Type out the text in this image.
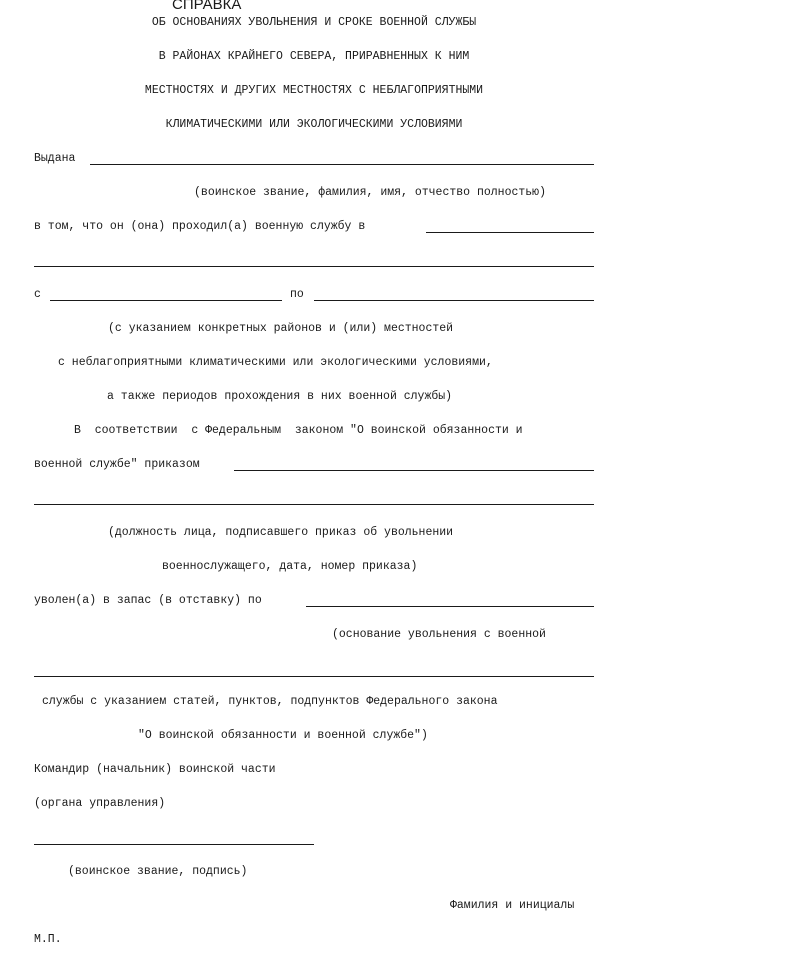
СПРАВКА
ОБ ОСНОВАНИЯХ УВОЛЬНЕНИЯ И СРОКЕ ВОЕННОЙ СЛУЖБЫ
В РАЙОНАХ КРАЙНЕГО СЕВЕРА, ПРИРАВНЕННЫХ К НИМ
МЕСТНОСТЯХ И ДРУГИХ МЕСТНОСТЯХ С НЕБЛАГОПРИЯТНЫМИ
КЛИМАТИЧЕСКИМИ ИЛИ ЭКОЛОГИЧЕСКИМИ УСЛОВИЯМИ
Выдана
(воинское звание, фамилия, имя, отчество полностью)
в том, что он (она) проходил(а) военную службу в
с	по
(с указанием конкретных районов и (или) местностей
с неблагоприятными климатическими или экологическими условиями,
а также периодов прохождения в них военной службы)
В  соответствии  с Федеральным  законом "О воинской обязанности и
военной службе" приказом
(должность лица, подписавшего приказ об увольнении
военнослужащего, дата, номер приказа)
уволен(а) в запас (в отставку) по
(основание увольнения с военной
службы с указанием статей, пунктов, подпунктов Федерального закона
"О воинской обязанности и военной службе")
Командир (начальник) воинской части
(органа управления)
(воинское звание, подпись)
Фамилия и инициалы
М.П.
